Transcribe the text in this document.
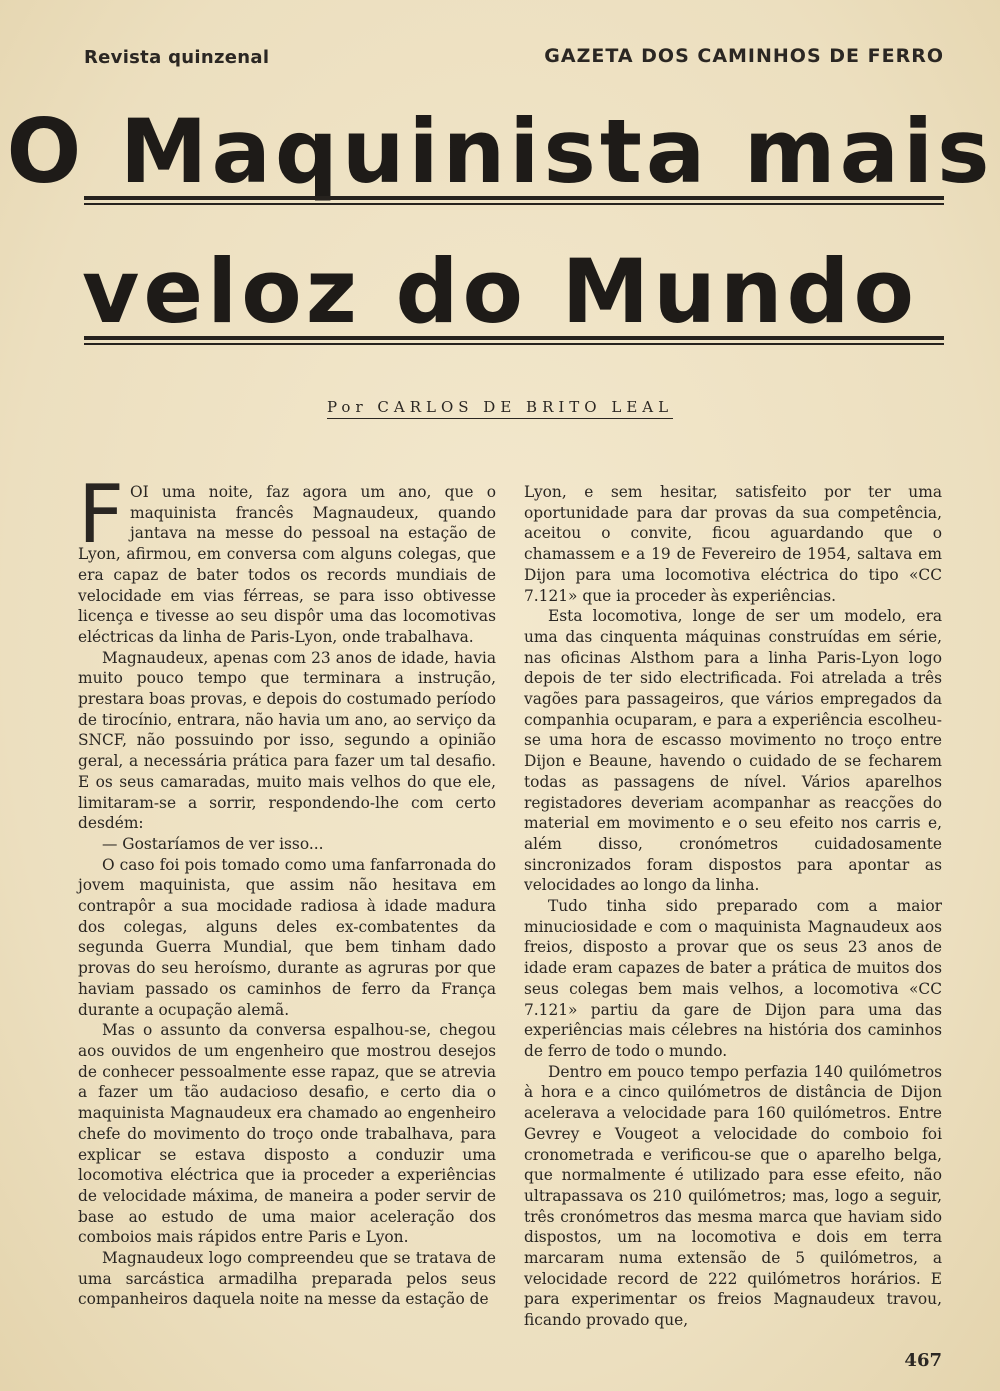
Revista quinzenal	GAZETA DOS CAMINHOS DE FERRO
O Maquinista mais
veloz do Mundo
Por CARLOS DE BRITO LEAL

FOI uma noite, faz agora um ano, que o maquinista francês Magnaudeux, quando jantava na messe do pessoal na estação de Lyon, afirmou, em conversa com alguns colegas, que era capaz de bater todos os records mundiais de velocidade em vias férreas, se para isso obtivesse licença e tivesse ao seu dispôr uma das locomotivas eléctricas da linha de Paris-Lyon, onde trabalhava.

Magnaudeux, apenas com 23 anos de idade, havia muito pouco tempo que terminara a instrução, prestara boas provas, e depois do costumado período de tirocínio, entrara, não havia um ano, ao serviço da SNCF, não possuindo por isso, segundo a opinião geral, a necessária prática para fazer um tal desafio. E os seus camaradas, muito mais velhos do que ele, limitaram-se a sorrir, respondendo-lhe com certo desdém:

— Gostaríamos de ver isso...

O caso foi pois tomado como uma fanfarronada do jovem maquinista, que assim não hesitava em contrapôr a sua mocidade radiosa à idade madura dos colegas, alguns deles ex-combatentes da segunda Guerra Mundial, que bem tinham dado provas do seu heroísmo, durante as agruras por que haviam passado os caminhos de ferro da França durante a ocupação alemã.

Mas o assunto da conversa espalhou-se, chegou aos ouvidos de um engenheiro que mostrou desejos de conhecer pessoalmente esse rapaz, que se atrevia a fazer um tão audacioso desafio, e certo dia o maquinista Magnaudeux era chamado ao engenheiro chefe do movimento do troço onde trabalhava, para explicar se estava disposto a conduzir uma locomotiva eléctrica que ia proceder a experiências de velocidade máxima, de maneira a poder servir de base ao estudo de uma maior aceleração dos comboios mais rápidos entre Paris e Lyon.

Magnaudeux logo compreendeu que se tratava de uma sarcástica armadilha preparada pelos seus companheiros daquela noite na messe da estação de

Lyon, e sem hesitar, satisfeito por ter uma oportunidade para dar provas da sua competência, aceitou o convite, ficou aguardando que o chamassem e a 19 de Fevereiro de 1954, saltava em Dijon para uma locomotiva eléctrica do tipo «CC 7.121» que ia proceder às experiências.

Esta locomotiva, longe de ser um modelo, era uma das cinquenta máquinas construídas em série, nas oficinas Alsthom para a linha Paris-Lyon logo depois de ter sido electrificada. Foi atrelada a três vagões para passageiros, que vários empregados da companhia ocuparam, e para a experiência escolheu-se uma hora de escasso movimento no troço entre Dijon e Beaune, havendo o cuidado de se fecharem todas as passagens de nível. Vários aparelhos registadores deveriam acompanhar as reacções do material em movimento e o seu efeito nos carris e, além disso, cronómetros cuidadosamente sincronizados foram dispostos para apontar as velocidades ao longo da linha.

Tudo tinha sido preparado com a maior minuciosidade e com o maquinista Magnaudeux aos freios, disposto a provar que os seus 23 anos de idade eram capazes de bater a prática de muitos dos seus colegas bem mais velhos, a locomotiva «CC 7.121» partiu da gare de Dijon para uma das experiências mais célebres na história dos caminhos de ferro de todo o mundo.

Dentro em pouco tempo perfazia 140 quilómetros à hora e a cinco quilómetros de distância de Dijon acelerava a velocidade para 160 quilómetros. Entre Gevrey e Vougeot a velocidade do comboio foi cronometrada e verificou-se que o aparelho belga, que normalmente é utilizado para esse efeito, não ultrapassava os 210 quilómetros; mas, logo a seguir, três cronómetros das mesma marca que haviam sido dispostos, um na locomotiva e dois em terra marcaram numa extensão de 5 quilómetros, a velocidade record de 222 quilómetros horários. E para experimentar os freios Magnaudeux travou, ficando provado que,

467
